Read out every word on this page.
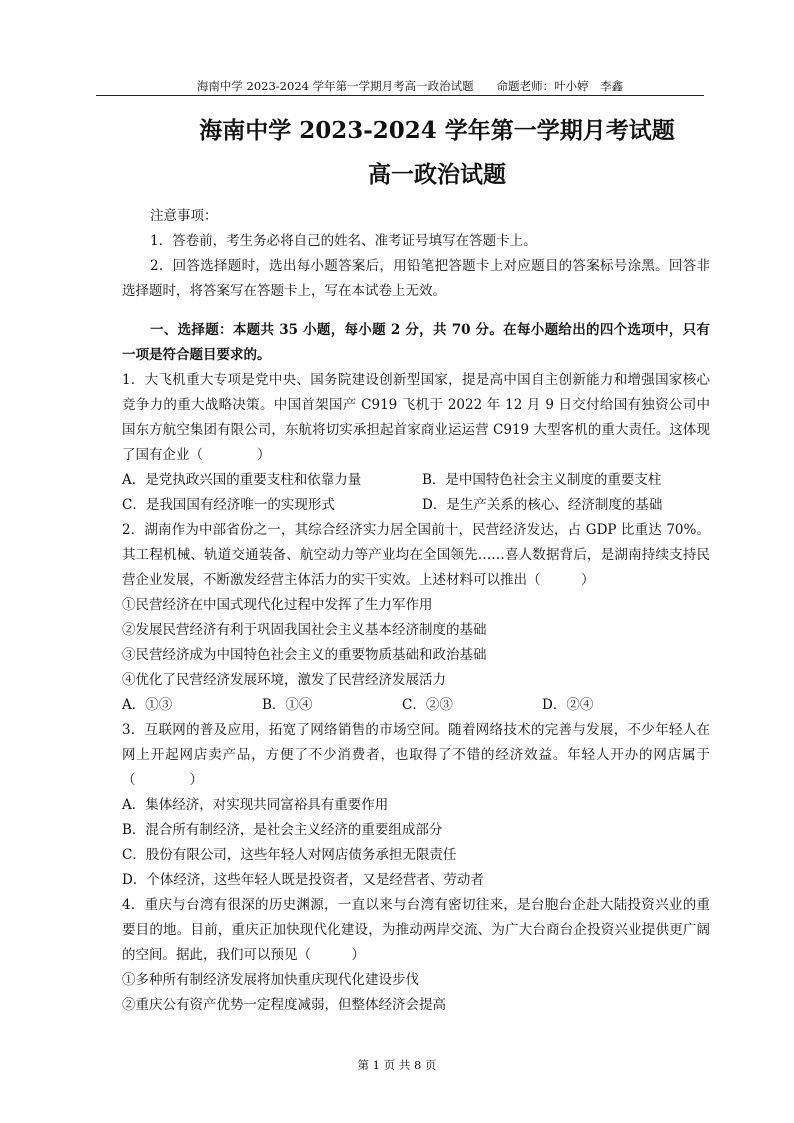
海南中学 2023-2024 学年第一学期月考高一政治试题　　命题老师：叶小婷　李鑫
海南中学 2023-2024 学年第一学期月考试题
高一政治试题
注意事项：
1．答卷前，考生务必将自己的姓名、准考证号填写在答题卡上。

2．回答选择题时，选出每小题答案后，用铅笔把答题卡上对应题目的答案标号涂黑。回答非选择题时，将答案写在答题卡上，写在本试卷上无效。

一、选择题：本题共 35 小题，每小题 2 分，共 70 分。在每小题给出的四个选项中，只有一项是符合题目要求的。

1．大飞机重大专项是党中央、国务院建设创新型国家，提是高中国自主创新能力和增强国家核心竞争力的重大战略决策。中国首架国产 C919 飞机于 2022 年 12 月 9 日交付给国有独资公司中国东方航空集团有限公司，东航将切实承担起首家商业运运营 C919 大型客机的重大责任。这体现了国有企业（　　　　）

A．是党执政兴国的重要支柱和依靠力量	B．是中国特色社会主义制度的重要支柱
C．是我国国有经济唯一的实现形式	D．是生产关系的核心、经济制度的基础

2．湖南作为中部省份之一，其综合经济实力居全国前十，民营经济发达，占 GDP 比重达 70%。其工程机械、轨道交通装备、航空动力等产业均在全国领先……喜人数据背后，是湖南持续支持民营企业发展，不断激发经营主体活力的实干实效。上述材料可以推出（　　　）

①民营经济在中国式现代化过程中发挥了生力军作用
②发展民营经济有利于巩固我国社会主义基本经济制度的基础
③民营经济成为中国特色社会主义的重要物质基础和政治基础
④优化了民营经济发展环境，激发了民营经济发展活力
A．①③	B．①④	C．②③	D．②④

3．互联网的普及应用，拓宽了网络销售的市场空间。随着网络技术的完善与发展，不少年轻人在网上开起网店卖产品，方便了不少消费者，也取得了不错的经济效益。年轻人开办的网店属于（　　　　）

A．集体经济，对实现共同富裕具有重要作用
B．混合所有制经济，是社会主义经济的重要组成部分
C．股份有限公司，这些年轻人对网店债务承担无限责任
D．个体经济，这些年轻人既是投资者，又是经营者、劳动者

4．重庆与台湾有很深的历史渊源，一直以来与台湾有密切往来，是台胞台企赴大陆投资兴业的重要目的地。目前，重庆正加快现代化建设，为推动两岸交流、为广大台商台企投资兴业提供更广阔的空间。据此，我们可以预见（　　　）

①多种所有制经济发展将加快重庆现代化建设步伐
②重庆公有资产优势一定程度减弱，但整体经济会提高
第 1 页 共 8 页
